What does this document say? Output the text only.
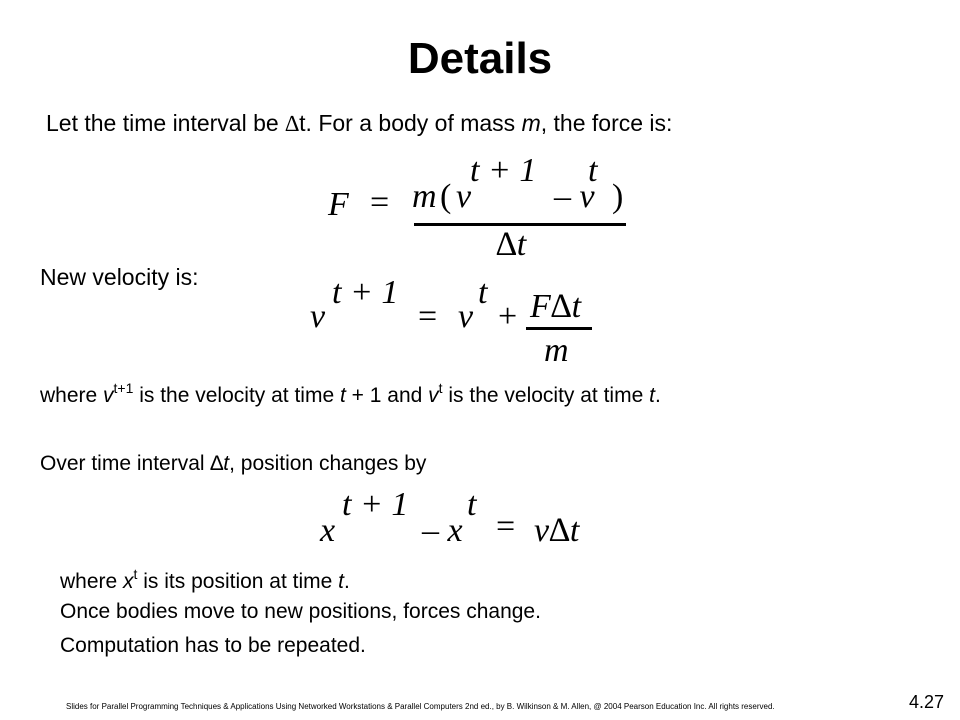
Details
Let the time interval be ∆t. For a body of mass m, the force is:
t + 1 t
m ( v – v )
F =
∆t
New velocity is:	t + 1 t
v	= v + F∆t
m
where $v^{t+1}$ is the velocity at time t + 1 and $v^t$ is the velocity at time t.
Over time interval ∆t, position changes by
t + 1 t
x	– x = v∆t
where $x^t$ is its position at time t.
Once bodies move to new positions, forces change.
Computation has to be repeated.
Slides for Parallel Programming Techniques & Applications Using Networked Workstations & Parallel Computers 2nd ed., by B. Wilkinson & M. Allen, @ 2004 Pearson Education Inc. All rights reserved.	4.27
